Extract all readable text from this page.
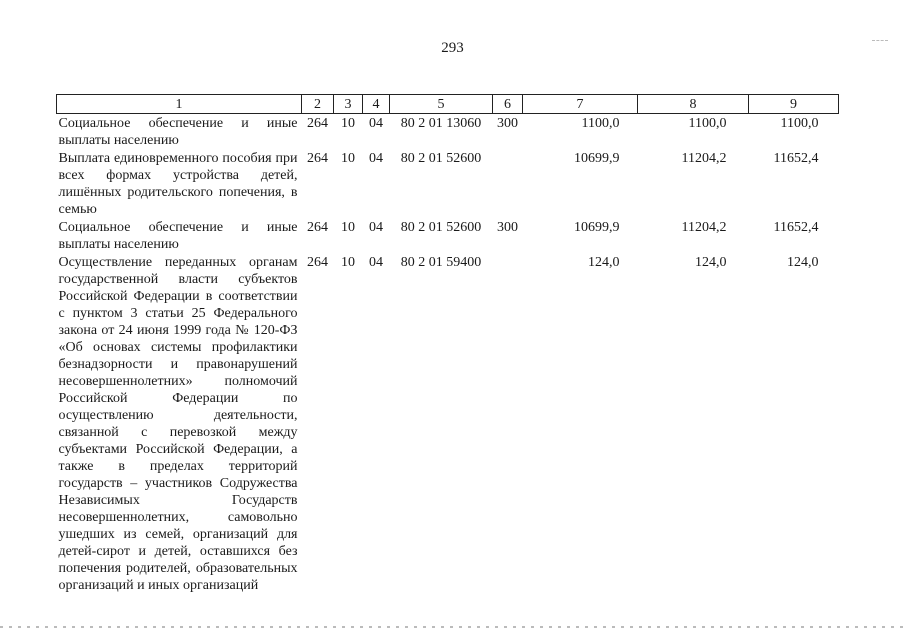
293
1	2	3	4	5	6	7	8	9
Социальное обеспечение и иные выплаты населению	264	10	04	80 2 01 13060	300	1100,0	1100,0	1100,0
Выплата единовременного пособия при всех формах устройства детей, лишённых родительского попечения, в семью	264	10	04	80 2 01 52600		10699,9	11204,2	11652,4
Социальное обеспечение и иные выплаты населению	264	10	04	80 2 01 52600	300	10699,9	11204,2	11652,4
Осуществление переданных органам государственной власти субъектов Российской Федерации в соответствии с пунктом 3 статьи 25 Федерального закона от 24 июня 1999 года № 120-ФЗ «Об основах системы профилактики безнадзорности и правонарушений несовершеннолетних» полномочий Российской Федерации по осуществлению деятельности, связанной с перевозкой между субъектами Российской Федерации, а также в пределах территорий государств – участников Содружества Независимых Государств несовершеннолетних, самовольно ушедших из семей, организаций для детей-сирот и детей, оставшихся без попечения родителей, образовательных организаций и иных организаций	264	10	04	80 2 01 59400		124,0	124,0	124,0
